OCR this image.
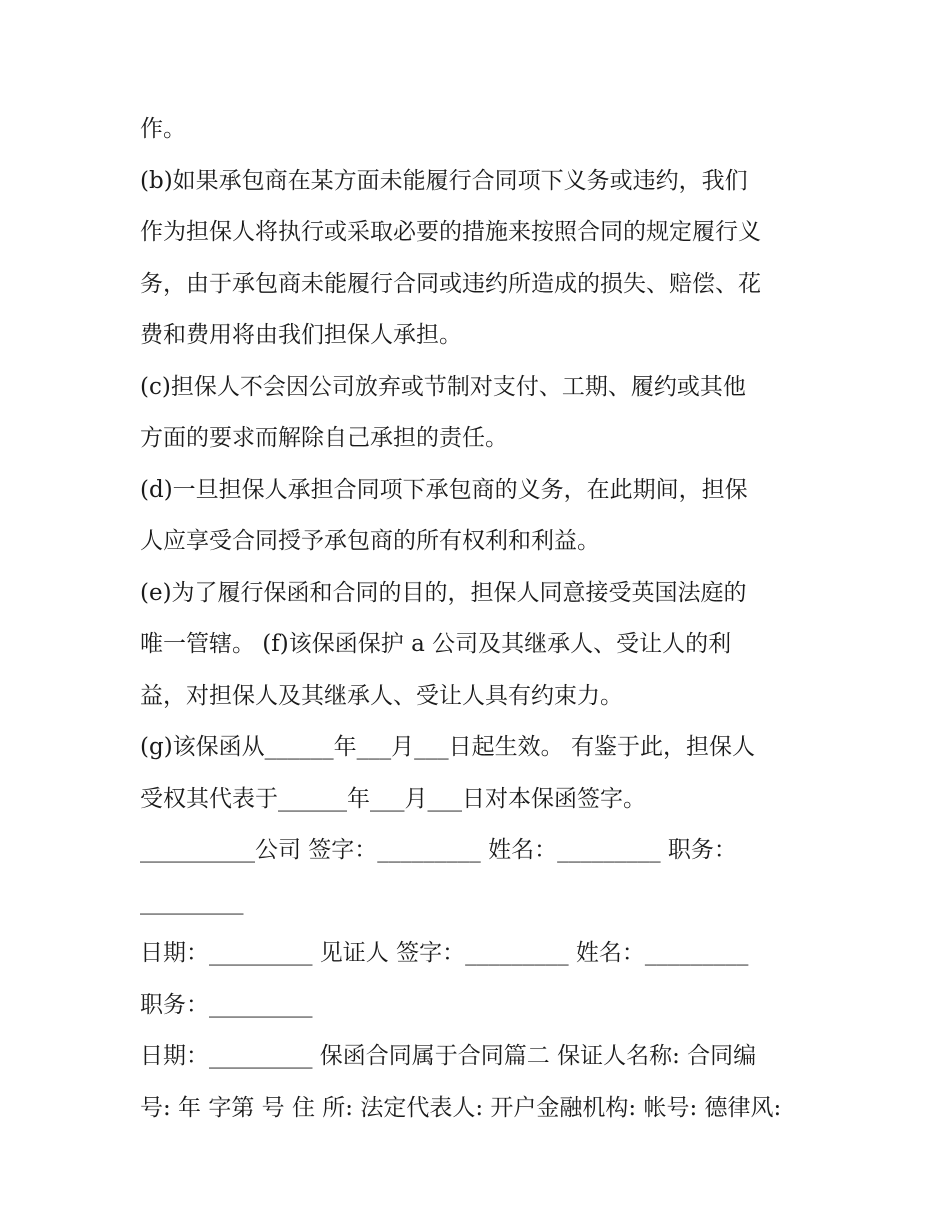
作。
(b)如果承包商在某方面未能履行合同项下义务或违约，我们
作为担保人将执行或采取必要的措施来按照合同的规定履行义
务，由于承包商未能履行合同或违约所造成的损失、赔偿、花
费和费用将由我们担保人承担。
(c)担保人不会因公司放弃或节制对支付、工期、履约或其他
方面的要求而解除自己承担的责任。
(d)一旦担保人承担合同项下承包商的义务，在此期间，担保
人应享受合同授予承包商的所有权利和利益。
(e)为了履行保函和合同的目的，担保人同意接受英国法庭的
唯一管辖。 (f)该保函保护 a 公司及其继承人、受让人的利
益，对担保人及其继承人、受让人具有约束力。
(g)该保函从______年___月___日起生效。 有鉴于此，担保人
受权其代表于______年___月___日对本保函签字。
__________公司 签字：_________ 姓名：_________ 职务：
_________
日期：_________ 见证人 签字：_________ 姓名：_________
职务：_________
日期：_________ 保函合同属于合同篇二 保证人名称: 合同编
号: 年 字第 号 住 所: 法定代表人: 开户金融机构: 帐号: 德律风:
